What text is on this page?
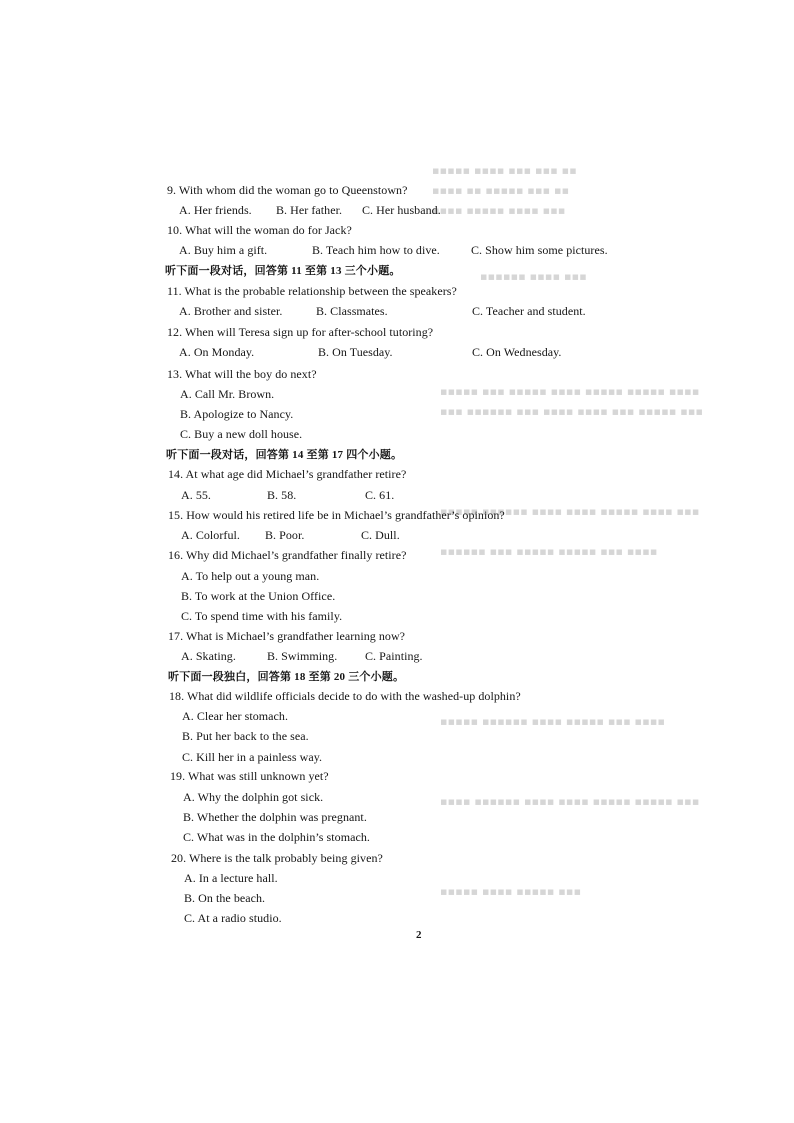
▪▪▪▪▪ ▪▪▪▪ ▪▪▪ ▪▪▪ ▪▪
▪▪▪▪ ▪▪ ▪▪▪▪▪ ▪▪▪ ▪▪
▪▪▪▪ ▪▪▪▪▪ ▪▪▪▪ ▪▪▪
▪▪▪▪▪▪ ▪▪▪▪ ▪▪▪
▪▪▪▪▪ ▪▪▪ ▪▪▪▪▪ ▪▪▪▪ ▪▪▪▪▪ ▪▪▪▪▪ ▪▪▪▪
▪▪▪ ▪▪▪▪▪▪ ▪▪▪ ▪▪▪▪ ▪▪▪▪ ▪▪▪ ▪▪▪▪▪ ▪▪▪
▪▪▪▪▪ ▪▪▪▪▪▪ ▪▪▪▪ ▪▪▪▪ ▪▪▪▪▪ ▪▪▪▪ ▪▪▪
▪▪▪▪▪▪ ▪▪▪ ▪▪▪▪▪ ▪▪▪▪▪ ▪▪▪ ▪▪▪▪
▪▪▪▪▪ ▪▪▪▪▪▪ ▪▪▪▪ ▪▪▪▪▪ ▪▪▪ ▪▪▪▪
▪▪▪▪ ▪▪▪▪▪▪ ▪▪▪▪ ▪▪▪▪ ▪▪▪▪▪ ▪▪▪▪▪ ▪▪▪
▪▪▪▪▪ ▪▪▪▪ ▪▪▪▪▪ ▪▪▪
9. With whom did the woman go to Queenstown?
A. Her friends. B. Her father. C. Her husband.
10. What will the woman do for Jack?
A. Buy him a gift.	B. Teach him how to dive.	C. Show him some pictures.
听下面一段对话，回答第 11 至第 13 三个小题。
11. What is the probable relationship between the speakers?
A. Brother and sister.	B. Classmates.	C. Teacher and student.
12. When will Teresa sign up for after-school tutoring?
A. On Monday.	B. On Tuesday.	C. On Wednesday.
13. What will the boy do next?
A. Call Mr. Brown.
B. Apologize to Nancy.
C. Buy a new doll house.
听下面一段对话，回答第 14 至第 17 四个小题。
14. At what age did Michael’s grandfather retire?
A. 55.	B. 58.	C. 61.
15. How would his retired life be in Michael’s grandfather’s opinion?
A. Colorful. B. Poor.	C. Dull.
16. Why did Michael’s grandfather finally retire?
A. To help out a young man.
B. To work at the Union Office.
C. To spend time with his family.
17. What is Michael’s grandfather learning now?
A. Skating.	B. Swimming. C. Painting.
听下面一段独白，回答第 18 至第 20 三个小题。
18. What did wildlife officials decide to do with the washed-up dolphin?
A. Clear her stomach.
B. Put her back to the sea.
C. Kill her in a painless way.
19. What was still unknown yet?
A. Why the dolphin got sick.
B. Whether the dolphin was pregnant.
C. What was in the dolphin’s stomach.
20. Where is the talk probably being given?
A. In a lecture hall.
B. On the beach.
C. At a radio studio.
2
